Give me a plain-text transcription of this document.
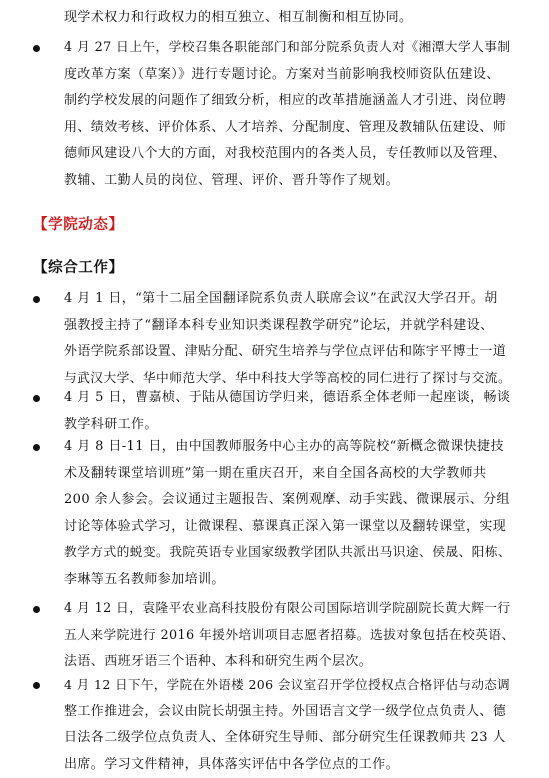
现学术权力和行政权力的相互独立、相互制衡和相互协同。
4 月 27 日上午，学校召集各职能部门和部分院系负责人对《湘潭大学人事制
度改革方案（草案）》进行专题讨论。方案对当前影响我校师资队伍建设、
制约学校发展的问题作了细致分析，相应的改革措施涵盖人才引进、岗位聘
用、绩效考核、评价体系、人才培养、分配制度、管理及教辅队伍建设、师
德师风建设八个大的方面，对我校范围内的各类人员，专任教师以及管理、
教辅、工勤人员的岗位、管理、评价、晋升等作了规划。
【学院动态】
【综合工作】
4 月 1 日，“第十二届全国翻译院系负责人联席会议”在武汉大学召开。胡
强教授主持了“翻译本科专业知识类课程教学研究”论坛，并就学科建设、
外语学院系部设置、津贴分配、研究生培养与学位点评估和陈宇平博士一道
与武汉大学、华中师范大学、华中科技大学等高校的同仁进行了探讨与交流。
4 月 5 日，曹嘉桢、于陆从德国访学归来，德语系全体老师一起座谈，畅谈
教学科研工作。
4 月 8 日-11 日，由中国教师服务中心主办的高等院校“新概念微课快捷技
术及翻转课堂培训班”第一期在重庆召开，来自全国各高校的大学教师共
200 余人参会。会议通过主题报告、案例观摩、动手实践、微课展示、分组
讨论等体验式学习，让微课程、慕课真正深入第一课堂以及翻转课堂，实现
教学方式的蜕变。我院英语专业国家级教学团队共派出马识途、侯晟、阳栋、
李琳等五名教师参加培训。
4 月 12 日，袁隆平农业高科技股份有限公司国际培训学院副院长黄大辉一行
五人来学院进行 2016 年援外培训项目志愿者招募。选拔对象包括在校英语、
法语、西班牙语三个语种、本科和研究生两个层次。
4 月 12 日下午，学院在外语楼 206 会议室召开学位授权点合格评估与动态调
整工作推进会，会议由院长胡强主持。外国语言文学一级学位点负责人、德
日法各二级学位点负责人、全体研究生导师、部分研究生任课教师共 23 人
出席。学习文件精神，具体落实评估中各学位点的工作。
